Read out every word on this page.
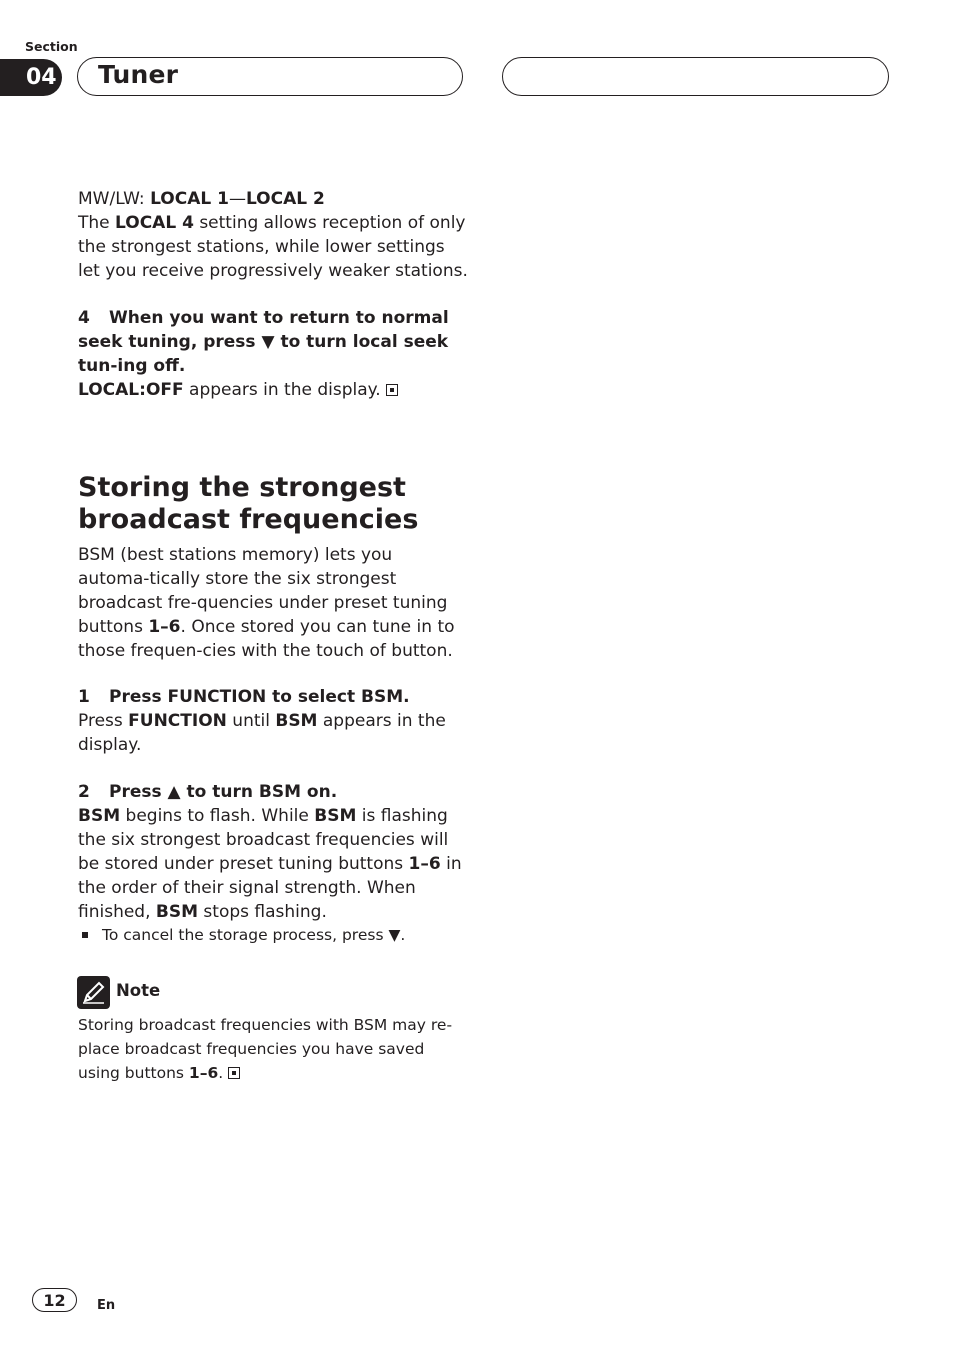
Section
04 Tuner

MW/LW: LOCAL 1—LOCAL 2

The LOCAL 4 setting allows reception of only the strongest stations, while lower settings let you receive progressively weaker stations.

4 When you want to return to normal seek tuning, press ▼ to turn local seek tun-ing off.

LOCAL:OFF appears in the display.

Storing the strongest broadcast frequencies

BSM (best stations memory) lets you automa-tically store the six strongest broadcast fre-quencies under preset tuning buttons 1–6. Once stored you can tune in to those frequen-cies with the touch of button.

1 Press FUNCTION to select BSM.

Press FUNCTION until BSM appears in the display.

2 Press ▲ to turn BSM on.

BSM begins to flash. While BSM is flashing the six strongest broadcast frequencies will be stored under preset tuning buttons 1–6 in the order of their signal strength. When finished, BSM stops flashing.

To cancel the storage process, press ▼.
Note
Storing broadcast frequencies with BSM may re-place broadcast frequencies you have saved using buttons 1–6.
12	En
